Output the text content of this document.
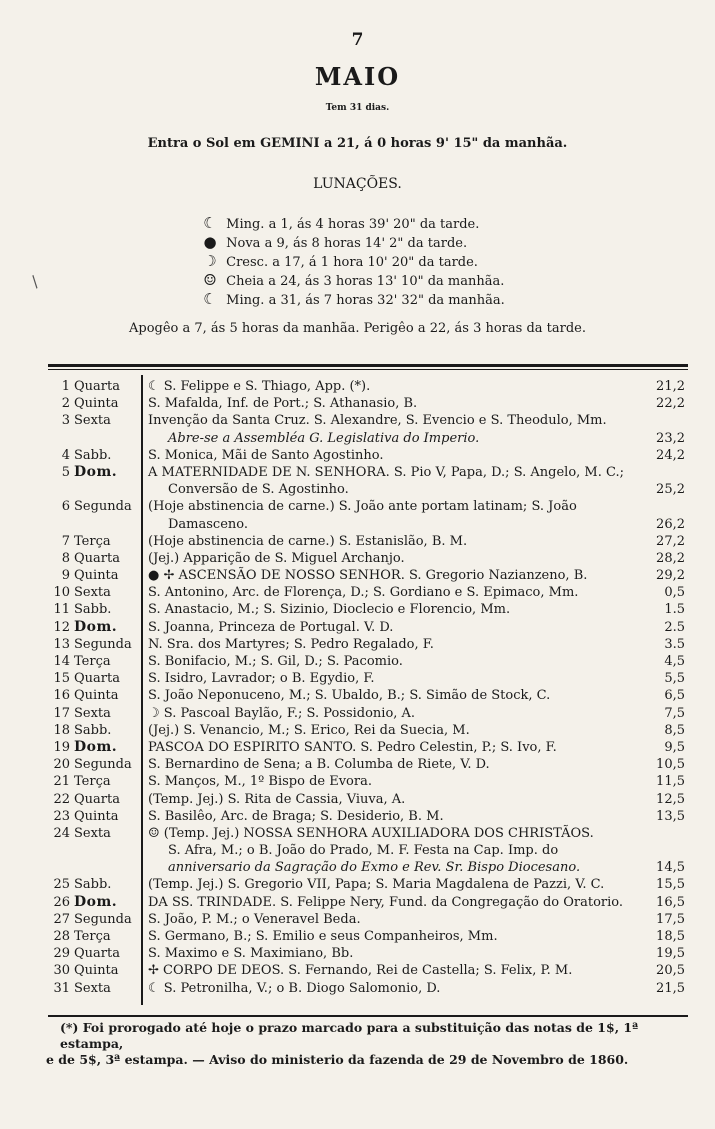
7
MAIO
Tem 31 dias.
Entra o Sol em GEMINI a 21, á 0 horas 9' 15" da manhãa.
LUNAÇÕES.
☾ Ming. a 1, ás 4 horas 39' 20" da tarde.
● Nova a 9, ás 8 horas 14' 2" da tarde.
☽ Cresc. a 17, á 1 hora 10' 20" da tarde.
☺ Cheia a 24, ás 3 horas 13' 10" da manhãa.
☾ Ming. a 31, ás 7 horas 32' 32" da manhãa.
/
Apogêo a 7, ás 5 horas da manhãa. Perigêo a 22, ás 3 horas da tarde.
1 Quarta ☾ S. Felippe e S. Thiago, App. (*).	21,2
2 Quinta S. Mafalda, Inf. de Port.; S. Athanasio, B.	22,2
3 Sexta	Invenção da Santa Cruz. S. Alexandre, S. Evencio e S. Theodulo, Mm.
Abre-se a Assembléa G. Legislativa do Imperio.	23,2
4 Sabb.	S. Monica, Mãi de Santo Agostinho.	24,2
5 Dom. A MATERNIDADE DE N. SENHORA. S. Pio V, Papa, D.; S. Angelo, M. C.;
Conversão de S. Agostinho.	25,2
6 Segunda (Hoje abstinencia de carne.) S. João ante portam latinam; S. João
Damasceno.	26,2
7 Terça	(Hoje abstinencia de carne.) S. Estanislão, B. M.	27,2
8 Quarta (Jej.) Apparição de S. Miguel Archanjo.	28,2
9 Quinta ● ✢ ASCENSÃO DE NOSSO SENHOR. S. Gregorio Nazianzeno, B.	29,2
10 Sexta	S. Antonino, Arc. de Florença, D.; S. Gordiano e S. Epimaco, Mm.	0,5
11 Sabb.	S. Anastacio, M.; S. Sizinio, Dioclecio e Florencio, Mm.	1.5
12 Dom. S. Joanna, Princeza de Portugal. V. D.	2.5
13 Segunda N. Sra. dos Martyres; S. Pedro Regalado, F.	3.5
14 Terça	S. Bonifacio, M.; S. Gil, D.; S. Pacomio.	4,5
15 Quarta S. Isidro, Lavrador; o B. Egydio, F.	5,5
16 Quinta S. João Neponuceno, M.; S. Ubaldo, B.; S. Simão de Stock, C.	6,5
17 Sexta	☽ S. Pascoal Baylão, F.; S. Possidonio, A.	7,5
18 Sabb.	(Jej.) S. Venancio, M.; S. Erico, Rei da Suecia, M.	8,5
19 Dom. PASCOA DO ESPIRITO SANTO. S. Pedro Celestin, P.; S. Ivo, F.	9,5
20 Segunda S. Bernardino de Sena; a B. Columba de Riete, V. D.	10,5
21 Terça	S. Manços, M., 1º Bispo de Evora.	11,5
22 Quarta (Temp. Jej.) S. Rita de Cassia, Viuva, A.	12,5
23 Quinta S. Basilêo, Arc. de Braga; S. Desiderio, B. M.	13,5
24 Sexta	☺ (Temp. Jej.) NOSSA SENHORA AUXILIADORA DOS CHRISTÃOS.
S. Afra, M.; o B. João do Prado, M. F. Festa na Cap. Imp. do
anniversario da Sagração do Exmo e Rev. Sr. Bispo Diocesano.	14,5
25 Sabb.	(Temp. Jej.) S. Gregorio VII, Papa; S. Maria Magdalena de Pazzi, V. C.	15,5
26 Dom. DA SS. TRINDADE. S. Felippe Nery, Fund. da Congregação do Oratorio.	16,5
27 Segunda S. João, P. M.; o Veneravel Beda.	17,5
28 Terça	S. Germano, B.; S. Emilio e seus Companheiros, Mm.	18,5
29 Quarta S. Maximo e S. Maximiano, Bb.	19,5
30 Quinta ✢ CORPO DE DEOS. S. Fernando, Rei de Castella; S. Felix, P. M.	20,5
31 Sexta	☾ S. Petronilha, V.; o B. Diogo Salomonio, D.	21,5
(*) Foi prorogado até hoje o prazo marcado para a substituição das notas de 1$, 1ª estampa,
e de 5$, 3ª estampa. — Aviso do ministerio da fazenda de 29 de Novembro de 1860.
